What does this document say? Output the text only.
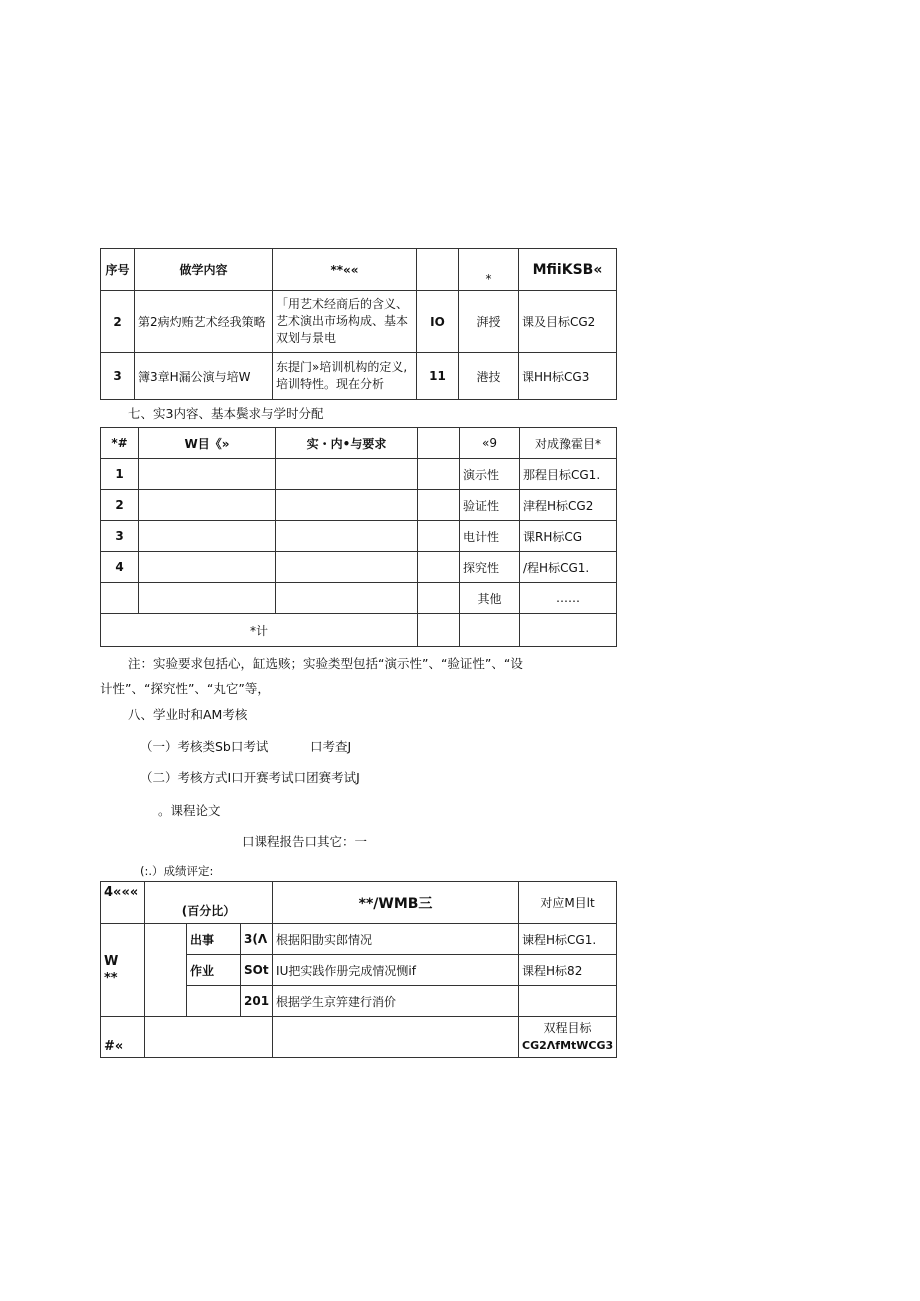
序号	做学内容	**««		*	MfiiKSB«
2	第2病灼贿艺术经我策略	「用艺术经商后的含义、艺术演出市场构成、基本双划与景电	IO	湃授	课及目标CG2
3	簿3章H漏公演与培W	东提门»培训机构的定义,培训特性。现在分析	11	港技	课HH标CG3
七、实3内容、基本鬓求与学时分配
*#	W目《»	实・内•与要求		«9	对成豫霍目*
1				演示性	那程目标CG1.
2				验证性	津程H标CG2
3				电计性	课RH标CG
4				探究性	/程H标CG1.
				其他	……
*计					
注：实验要求包括心，缸选赅；实验类型包括“演示性”、“验证性”、“设
计性”、“探究性”、“丸它”等，
八、学业时和AM考核
（一）考核类Sb口考试	口考查J
（二）考核方式I口开赛考试口团赛考试J
。课程论文
口课程报告口其它：一
(:.）成绩评定:
4«««	(百分比）			**/WMB三	对应M目lt
W
**		出事	3(Λ	根据阳勖实郎情况	谏程H标CG1.
		作业	SOt	IU把实践作册完成情况恻if	课程H标82
			201	根据学生京笄建行消价	
#«					双程目标
CG2ΛfMtWCG3
